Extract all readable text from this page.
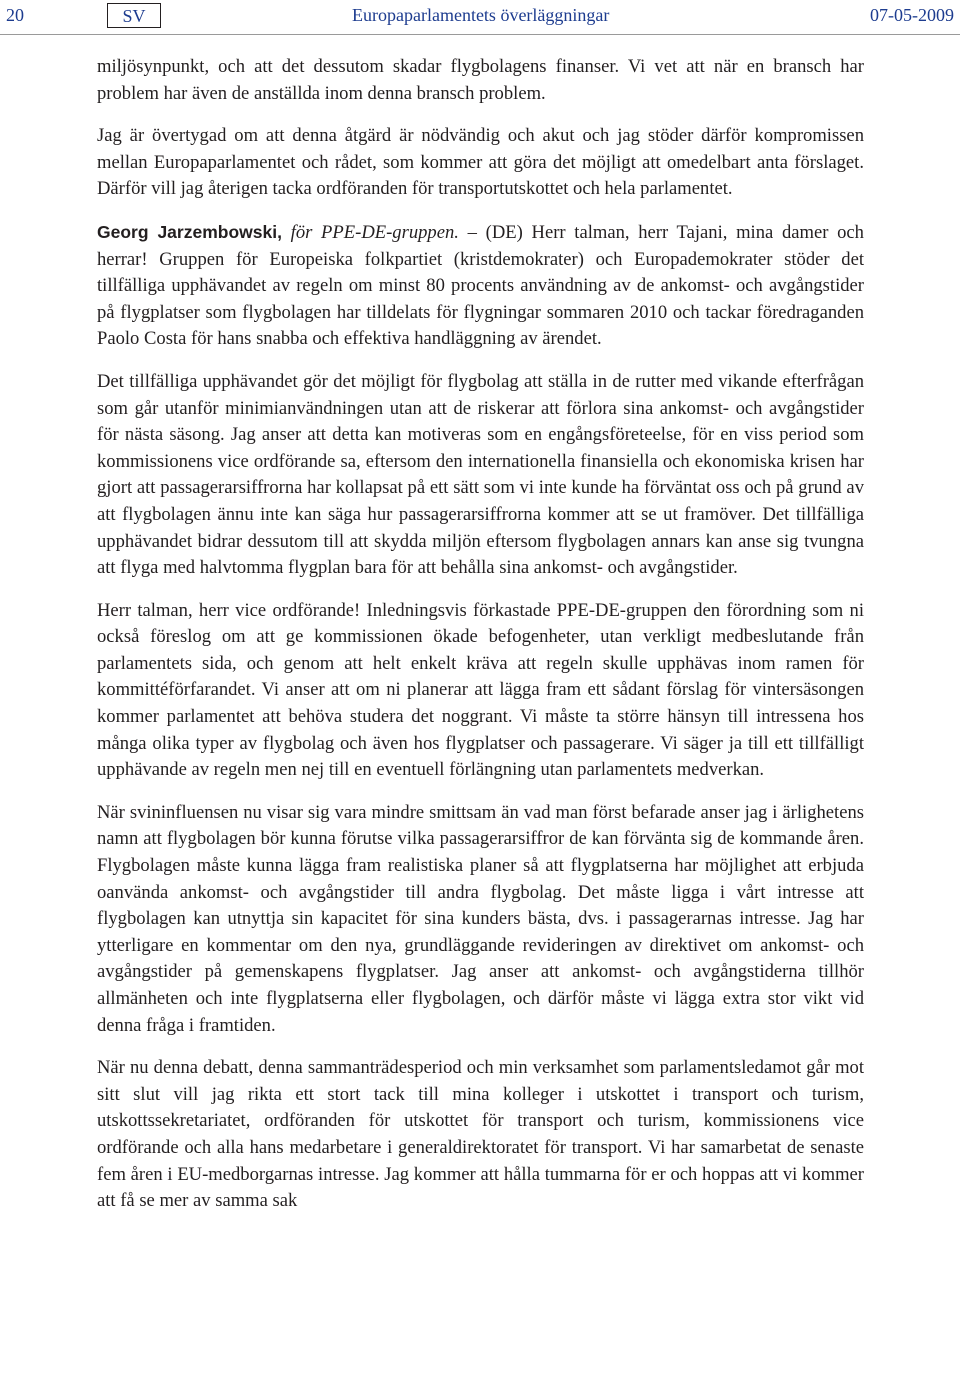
20	SV	Europaparlamentets överläggningar	07-05-2009

miljösynpunkt, och att det dessutom skadar flygbolagens finanser. Vi vet att när en bransch har problem har även de anställda inom denna bransch problem.

Jag är övertygad om att denna åtgärd är nödvändig och akut och jag stöder därför kompromissen mellan Europaparlamentet och rådet, som kommer att göra det möjligt att omedelbart anta förslaget. Därför vill jag återigen tacka ordföranden för transportutskottet och hela parlamentet.

Georg Jarzembowski, för PPE-DE-gruppen. – (DE) Herr talman, herr Tajani, mina damer och herrar! Gruppen för Europeiska folkpartiet (kristdemokrater) och Europademokrater stöder det tillfälliga upphävandet av regeln om minst 80 procents användning av de ankomst- och avgångstider på flygplatser som flygbolagen har tilldelats för flygningar sommaren 2010 och tackar föredraganden Paolo Costa för hans snabba och effektiva handläggning av ärendet.

Det tillfälliga upphävandet gör det möjligt för flygbolag att ställa in de rutter med vikande efterfrågan som går utanför minimianvändningen utan att de riskerar att förlora sina ankomst- och avgångstider för nästa säsong. Jag anser att detta kan motiveras som en engångsföreteelse, för en viss period som kommissionens vice ordförande sa, eftersom den internationella finansiella och ekonomiska krisen har gjort att passagerarsiffrorna har kollapsat på ett sätt som vi inte kunde ha förväntat oss och på grund av att flygbolagen ännu inte kan säga hur passagerarsiffrorna kommer att se ut framöver. Det tillfälliga upphävandet bidrar dessutom till att skydda miljön eftersom flygbolagen annars kan anse sig tvungna att flyga med halvtomma flygplan bara för att behålla sina ankomst- och avgångstider.

Herr talman, herr vice ordförande! Inledningsvis förkastade PPE-DE-gruppen den förordning som ni också föreslog om att ge kommissionen ökade befogenheter, utan verkligt medbeslutande från parlamentets sida, och genom att helt enkelt kräva att regeln skulle upphävas inom ramen för kommittéförfarandet. Vi anser att om ni planerar att lägga fram ett sådant förslag för vintersäsongen kommer parlamentet att behöva studera det noggrant. Vi måste ta större hänsyn till intressena hos många olika typer av flygbolag och även hos flygplatser och passagerare. Vi säger ja till ett tillfälligt upphävande av regeln men nej till en eventuell förlängning utan parlamentets medverkan.

När svininfluensen nu visar sig vara mindre smittsam än vad man först befarade anser jag i ärlighetens namn att flygbolagen bör kunna förutse vilka passagerarsiffror de kan förvänta sig de kommande åren. Flygbolagen måste kunna lägga fram realistiska planer så att flygplatserna har möjlighet att erbjuda oanvända ankomst- och avgångstider till andra flygbolag. Det måste ligga i vårt intresse att flygbolagen kan utnyttja sin kapacitet för sina kunders bästa, dvs. i passagerarnas intresse. Jag har ytterligare en kommentar om den nya, grundläggande revideringen av direktivet om ankomst- och avgångstider på gemenskapens flygplatser. Jag anser att ankomst- och avgångstiderna tillhör allmänheten och inte flygplatserna eller flygbolagen, och därför måste vi lägga extra stor vikt vid denna fråga i framtiden.

När nu denna debatt, denna sammanträdesperiod och min verksamhet som parlamentsledamot går mot sitt slut vill jag rikta ett stort tack till mina kolleger i utskottet i transport och turism, utskottssekretariatet, ordföranden för utskottet för transport och turism, kommissionens vice ordförande och alla hans medarbetare i generaldirektoratet för transport. Vi har samarbetat de senaste fem åren i EU-medborgarnas intresse. Jag kommer att hålla tummarna för er och hoppas att vi kommer att få se mer av samma sak
